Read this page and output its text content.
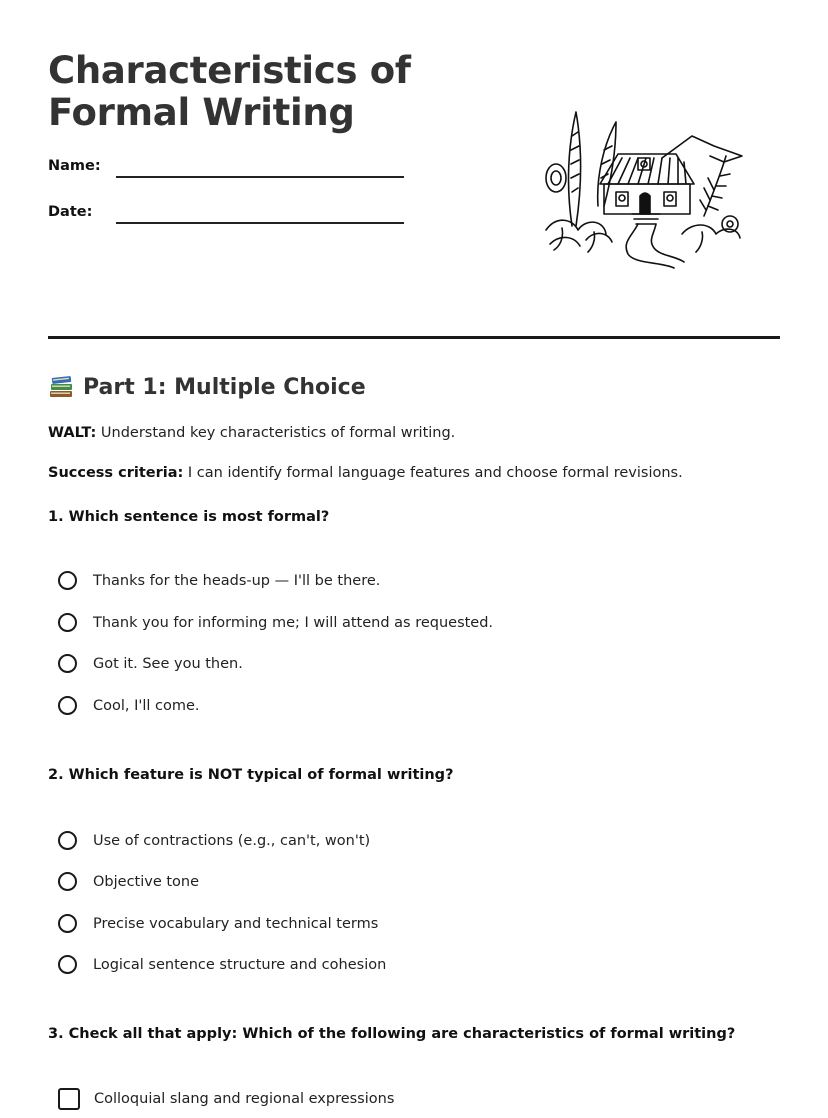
Characteristics of Formal Writing
Name:
Date:
Part 1: Multiple Choice
WALT: Understand key characteristics of formal writing.
Success criteria: I can identify formal language features and choose formal revisions.
1. Which sentence is most formal?
Thanks for the heads-up — I'll be there.
Thank you for informing me; I will attend as requested.
Got it. See you then.
Cool, I'll come.
2. Which feature is NOT typical of formal writing?
Use of contractions (e.g., can't, won't)
Objective tone
Precise vocabulary and technical terms
Logical sentence structure and cohesion
3. Check all that apply: Which of the following are characteristics of formal writing?
Colloquial slang and regional expressions
